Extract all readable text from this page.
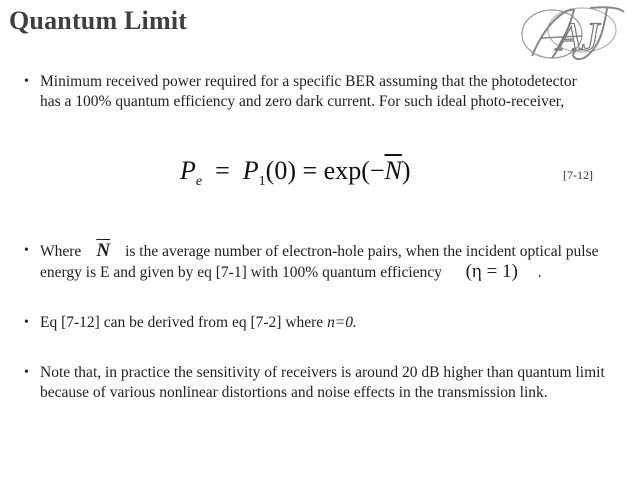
Quantum Limit	AJ
• Minimum received power required for a specific BER assuming that the photodetector has a 100% quantum efficiency and zero dark current. For such ideal photo-receiver,
$P_e = P_1(0) = \exp(-\overline{N})$	[7-12]
• Where $\overline{N}$ is the average number of electron-hole pairs, when the incident optical pulse energy is E and given by eq [7-1] with 100% quantum efficiency (η = 1) .
• Eq [7-12] can be derived from eq [7-2] where n=0.
• Note that, in practice the sensitivity of receivers is around 20 dB higher than quantum limit because of various nonlinear distortions and noise effects in the transmission link.
